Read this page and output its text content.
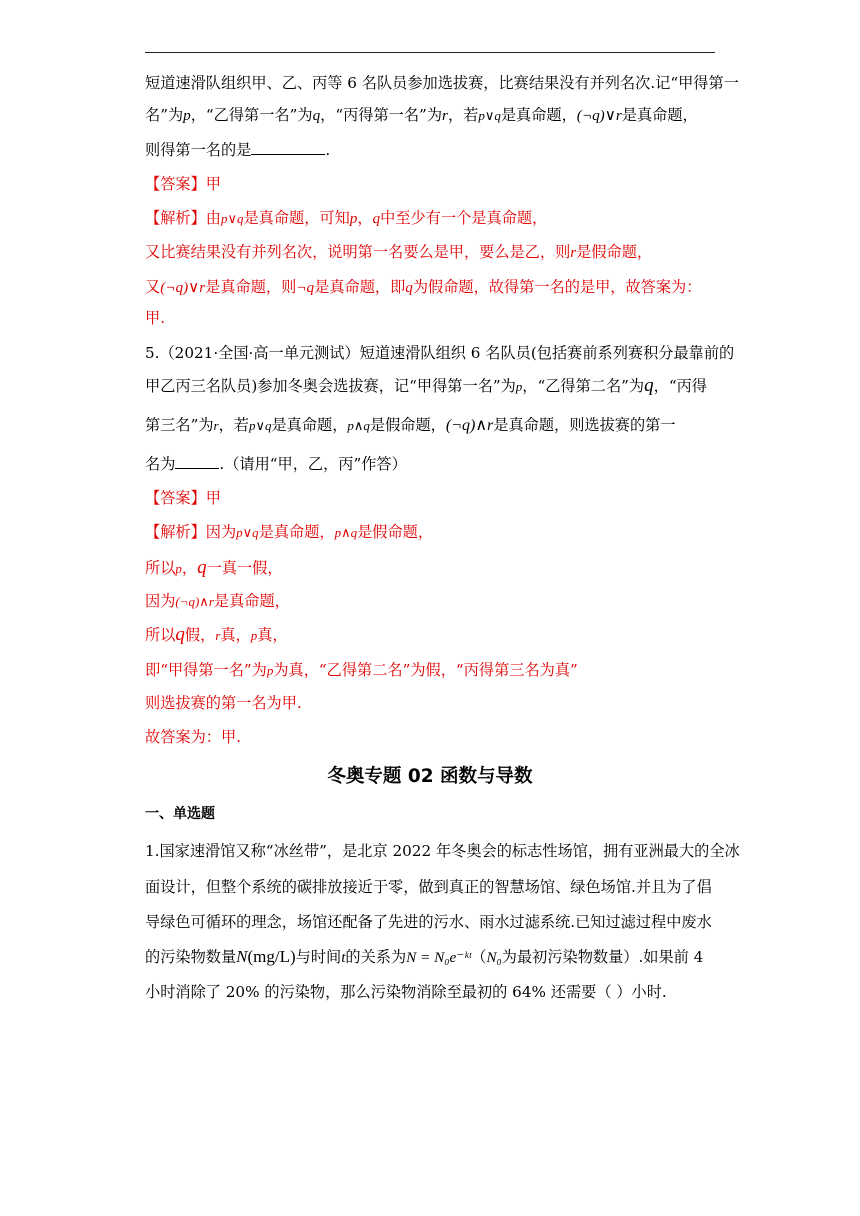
短道速滑队组织甲、乙、丙等 6 名队员参加选拔赛，比赛结果没有并列名次.记“甲得第一
名”为p，“乙得第一名”为q，“丙得第一名”为r，若p∨q是真命题，(¬q)∨r是真命题，
则得第一名的是	.
【答案】甲
【解析】由p∨q是真命题，可知p，q中至少有一个是真命题，
又比赛结果没有并列名次，说明第一名要么是甲，要么是乙，则r是假命题，
又(¬q)∨r是真命题，则¬q是真命题，即q为假命题，故得第一名的是甲，故答案为：
甲.
5.（2021·全国·高一单元测试）短道速滑队组织 6 名队员(包括赛前系列赛积分最靠前的
甲乙丙三名队员)参加冬奥会选拔赛，记“甲得第一名”为p，“乙得第二名”为q，“丙得
第三名”为r，若p∨q是真命题，p∧q是假命题，(¬q)∧r是真命题，则选拔赛的第一
名为	.（请用“甲，乙，丙”作答）
【答案】甲
【解析】因为p∨q是真命题，p∧q是假命题，
所以p，q一真一假，
因为(¬q)∧r是真命题，
所以q假，r真，p真，
即“甲得第一名”为p为真，“乙得第二名”为假，“丙得第三名为真”
则选拔赛的第一名为甲.
故答案为：甲.
冬奥专题 02 函数与导数
一、单选题
1.国家速滑馆又称“冰丝带”，是北京 2022 年冬奥会的标志性场馆，拥有亚洲最大的全冰
面设计，但整个系统的碳排放接近于零，做到真正的智慧场馆、绿色场馆.并且为了倡
导绿色可循环的理念，场馆还配备了先进的污水、雨水过滤系统.已知过滤过程中废水
的污染物数量N(mg/L)与时间t的关系为N = N₀e⁻ᵏᵗ（N₀为最初污染物数量）.如果前 4
小时消除了 20% 的污染物，那么污染物消除至最初的 64% 还需要（ ）小时.
